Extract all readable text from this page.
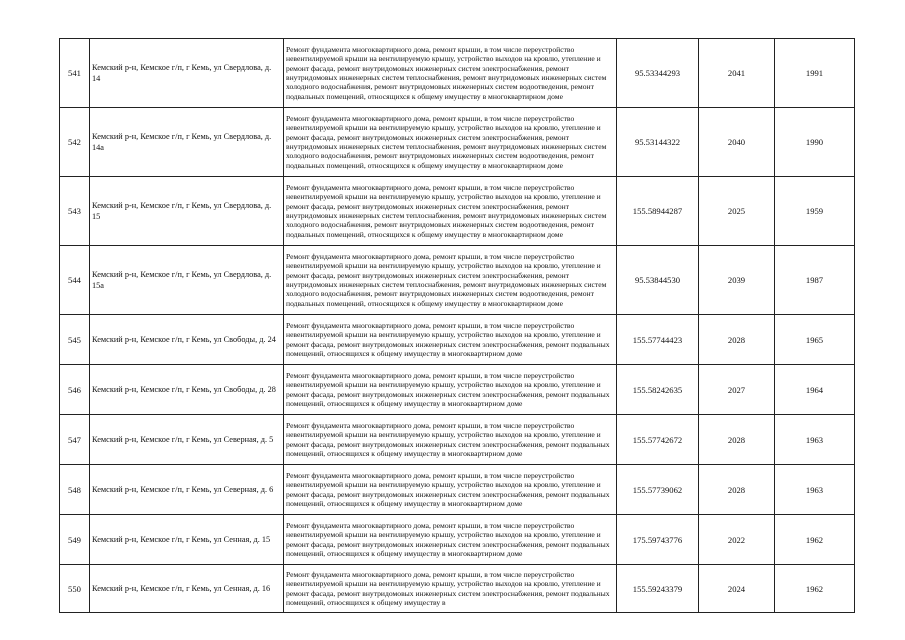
541	Кемский р-н, Кемское г/п, г Кемь, ул Свердлова, д. 14	Ремонт фундамента многоквартирного дома, ремонт крыши, в том числе переустройство невентилируемой крыши на вентилируемую крышу, устройство выходов на кровлю, утепление и ремонт фасада, ремонт внутридомовых инженерных систем электроснабжения, ремонт внутридомовых инженерных систем теплоснабжения, ремонт внутридомовых инженерных систем холодного водоснабжения, ремонт внутридомовых инженерных систем водоотведения, ремонт подвальных помещений, относящихся к общему имуществу в многоквартирном доме	95.53344293	2041	1991
542	Кемский р-н, Кемское г/п, г Кемь, ул Свердлова, д. 14а	Ремонт фундамента многоквартирного дома, ремонт крыши, в том числе переустройство невентилируемой крыши на вентилируемую крышу, устройство выходов на кровлю, утепление и ремонт фасада, ремонт внутридомовых инженерных систем электроснабжения, ремонт внутридомовых инженерных систем теплоснабжения, ремонт внутридомовых инженерных систем холодного водоснабжения, ремонт внутридомовых инженерных систем водоотведения, ремонт подвальных помещений, относящихся к общему имуществу в многоквартирном доме	95.53144322	2040	1990
543	Кемский р-н, Кемское г/п, г Кемь, ул Свердлова, д. 15	Ремонт фундамента многоквартирного дома, ремонт крыши, в том числе переустройство невентилируемой крыши на вентилируемую крышу, устройство выходов на кровлю, утепление и ремонт фасада, ремонт внутридомовых инженерных систем электроснабжения, ремонт внутридомовых инженерных систем теплоснабжения, ремонт внутридомовых инженерных систем холодного водоснабжения, ремонт внутридомовых инженерных систем водоотведения, ремонт подвальных помещений, относящихся к общему имуществу в многоквартирном доме	155.58944287	2025	1959
544	Кемский р-н, Кемское г/п, г Кемь, ул Свердлова, д. 15а	Ремонт фундамента многоквартирного дома, ремонт крыши, в том числе переустройство невентилируемой крыши на вентилируемую крышу, устройство выходов на кровлю, утепление и ремонт фасада, ремонт внутридомовых инженерных систем электроснабжения, ремонт внутридомовых инженерных систем теплоснабжения, ремонт внутридомовых инженерных систем холодного водоснабжения, ремонт внутридомовых инженерных систем водоотведения, ремонт подвальных помещений, относящихся к общему имуществу в многоквартирном доме	95.53844530	2039	1987
545	Кемский р-н, Кемское г/п, г Кемь, ул Свободы, д. 24	Ремонт фундамента многоквартирного дома, ремонт крыши, в том числе переустройство невентилируемой крыши на вентилируемую крышу, устройство выходов на кровлю, утепление и ремонт фасада, ремонт внутридомовых инженерных систем электроснабжения, ремонт подвальных помещений, относящихся к общему имуществу в многоквартирном доме	155.57744423	2028	1965
546	Кемский р-н, Кемское г/п, г Кемь, ул Свободы, д. 28	Ремонт фундамента многоквартирного дома, ремонт крыши, в том числе переустройство невентилируемой крыши на вентилируемую крышу, устройство выходов на кровлю, утепление и ремонт фасада, ремонт внутридомовых инженерных систем электроснабжения, ремонт подвальных помещений, относящихся к общему имуществу в многоквартирном доме	155.58242635	2027	1964
547	Кемский р-н, Кемское г/п, г Кемь, ул Северная, д. 5	Ремонт фундамента многоквартирного дома, ремонт крыши, в том числе переустройство невентилируемой крыши на вентилируемую крышу, устройство выходов на кровлю, утепление и ремонт фасада, ремонт внутридомовых инженерных систем электроснабжения, ремонт подвальных помещений, относящихся к общему имуществу в многоквартирном доме	155.57742672	2028	1963
548	Кемский р-н, Кемское г/п, г Кемь, ул Северная, д. 6	Ремонт фундамента многоквартирного дома, ремонт крыши, в том числе переустройство невентилируемой крыши на вентилируемую крышу, устройство выходов на кровлю, утепление и ремонт фасада, ремонт внутридомовых инженерных систем электроснабжения, ремонт подвальных помещений, относящихся к общему имуществу в многоквартирном доме	155.57739062	2028	1963
549	Кемский р-н, Кемское г/п, г Кемь, ул Сенная, д. 15	Ремонт фундамента многоквартирного дома, ремонт крыши, в том числе переустройство невентилируемой крыши на вентилируемую крышу, устройство выходов на кровлю, утепление и ремонт фасада, ремонт внутридомовых инженерных систем электроснабжения, ремонт подвальных помещений, относящихся к общему имуществу в многоквартирном доме	175.59743776	2022	1962
550	Кемский р-н, Кемское г/п, г Кемь, ул Сенная, д. 16	Ремонт фундамента многоквартирного дома, ремонт крыши, в том числе переустройство невентилируемой крыши на вентилируемую крышу, устройство выходов на кровлю, утепление и ремонт фасада, ремонт внутридомовых инженерных систем электроснабжения, ремонт подвальных помещений, относящихся к общему имуществу в	155.59243379	2024	1962
